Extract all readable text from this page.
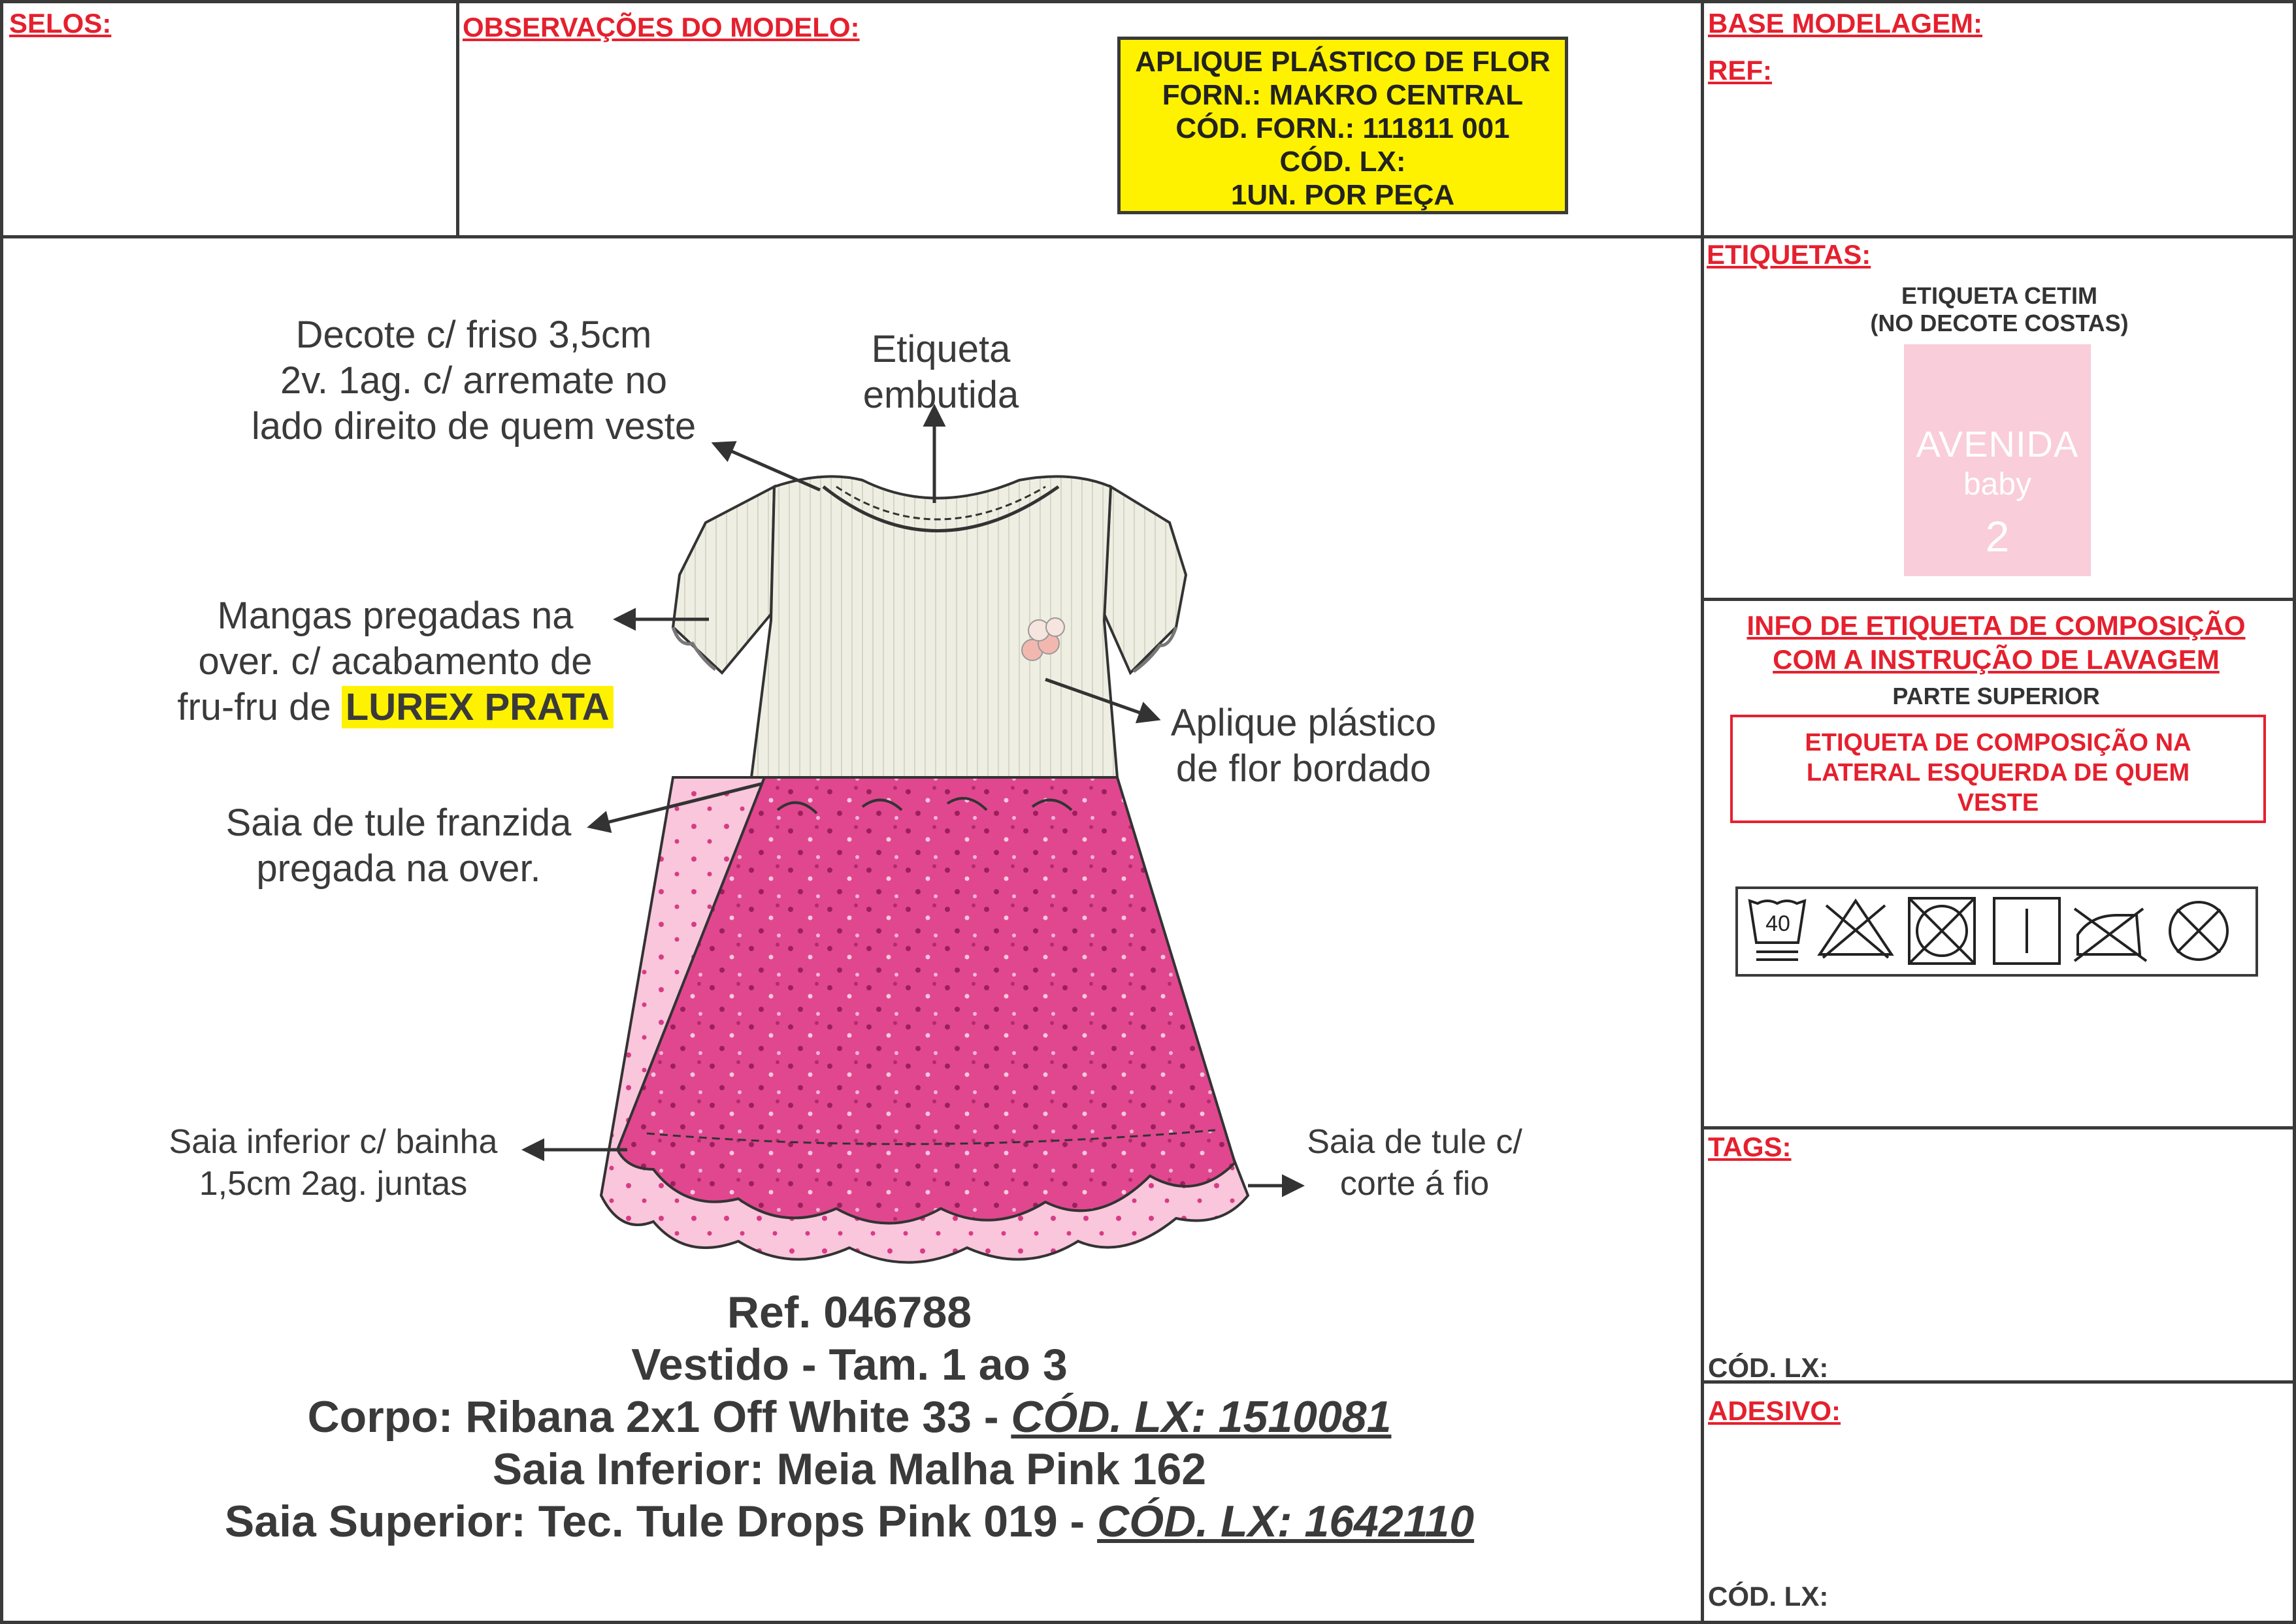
SELOS:	OBSERVAÇÕES DO MODELO:	BASE MODELAGEM:
REF:
APLIQUE PLÁSTICO DE FLOR
FORN.: MAKRO CENTRAL
CÓD. FORN.: 111811 001
CÓD. LX:
1UN. POR PEÇA
Decote c/ friso 3,5cm
2v. 1ag. c/ arremate no
lado direito de quem veste
Etiqueta
embutida
Mangas pregadas na
over. c/ acabamento de
fru-fru de LUREX PRATA	Aplique plástico
de flor bordado
Saia de tule franzida
pregada na over.
Saia inferior c/ bainha
1,5cm 2ag. juntas
Saia de tule c/
corte á fio
Ref. 046788
Vestido - Tam. 1 ao 3
Corpo: Ribana 2x1 Off White 33 - CÓD. LX: 1510081
Saia Inferior: Meia Malha Pink 162
Saia Superior: Tec. Tule Drops Pink 019 - CÓD. LX: 1642110
ETIQUETAS:
ETIQUETA CETIM
(NO DECOTE COSTAS)
AVENIDA
baby
2
INFO DE ETIQUETA DE COMPOSIÇÃO
COM A INSTRUÇÃO DE LAVAGEM
PARTE SUPERIOR
ETIQUETA DE COMPOSIÇÃO NA
LATERAL ESQUERDA DE QUEM
VESTE
40
TAGS:
CÓD. LX:
ADESIVO:
CÓD. LX:
